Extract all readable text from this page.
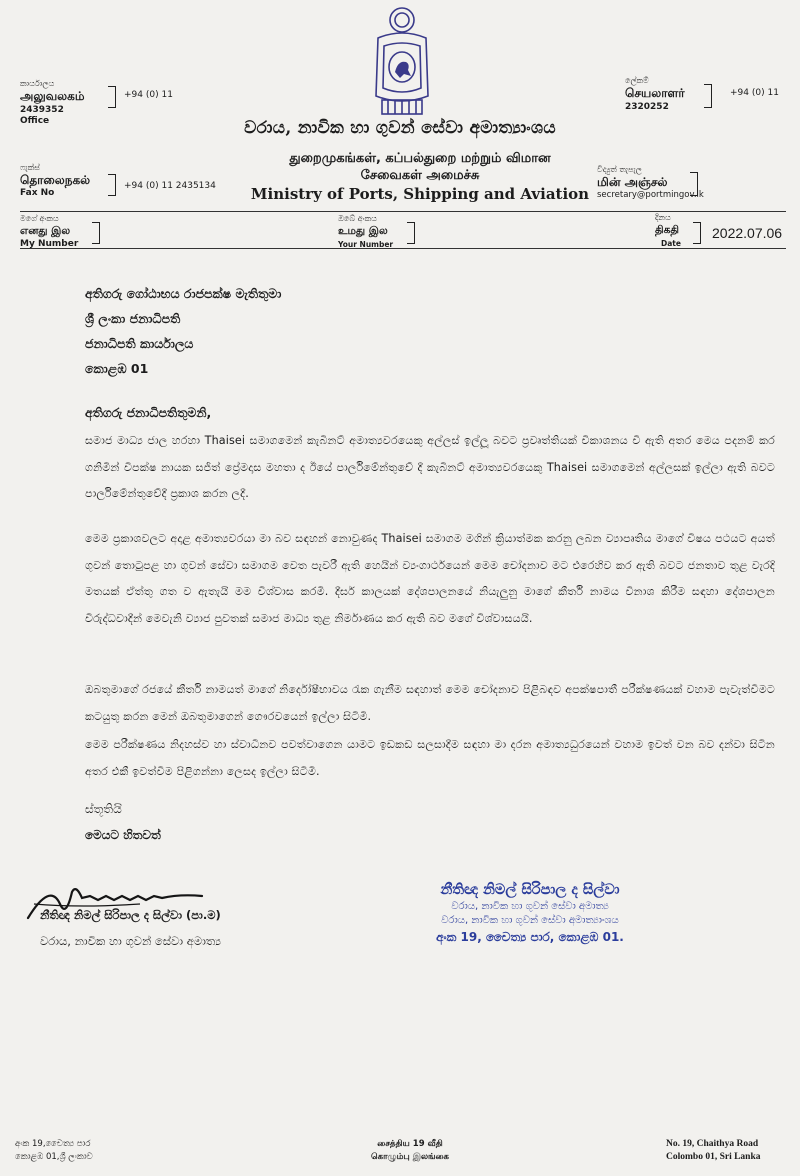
කාර්යාලය
அலுவலகம்
2439352
Office
+94 (0) 11
ලේකම්
செயலாளர்
2320252
+94 (0) 11
ෆැක්ස්
தொலைநகல்
Fax No
+94 (0) 11 2435134
විද්‍යුත් තැපැල
மின் அஞ்சல்
secretary@portmingov.lk
වරාය, නාවික හා ගුවන් සේවා අමාත්‍යාංශය
துறைமுகங்கள், கப்பல்துறை மற்றும் விமான
சேவைகள் அமைச்சு
Ministry of Ports, Shipping and Aviation
මගේ අංකය
எனது இல
My Number
ඔබේ අංකය
உமது இல
Your Number
දිනය
திகதி
Date
2022.07.06
අතිගරු ගෝඨාභය රාජපක්ෂ මැතිතුමා
ශ්‍රී ලංකා ජනාධිපති
ජනාධිපති කාර්යාලය
කොළඹ 01
අතිගරු ජනාධිපතිතුමනි,

සමාජ මාධ්‍ය ජාල හරහා Thaisei සමාගමෙන් කැබිනට් අමාත්‍යවරයෙකු අල්ලස් ඉල්ලූ බවට ප්‍රවෘත්තියක් විකාශනය වී ඇති අතර මෙය පදනම් කර ගනිමින් විපක්ෂ නායක සජිත් ප්‍රේමදාස මහතා ද ඊයේ පාර්ලිමේන්තුවේ දී කැබිනට් අමාත්‍යවරයෙකු Thaisei සමාගමෙන් අල්ලසක් ඉල්ලා ඇති බවට පාර්ලිමේන්තුවේදී ප්‍රකාශ කරන ලදී.

මෙම ප්‍රකාශවලට අදාළ අමාත්‍යවරයා මා බව සඳහන් නොවුණද Thaisei සමාගම මගින් ක්‍රියාත්මක කරනු ලබන ව්‍යාපෘතිය මාගේ විෂය පථයට අයත් ගුවන් තොටුපළ හා ගුවන් සේවා සමාගම වෙත පැවරී ඇති හෙයින් ව්‍යංගාර්ථයෙන් මෙම චෝදනාව මට එරෙහිව කර ඇති බවට ජනතාව තුළ වැරදි මතයක් ඒත්තු ගත ව ඇතැයි මම විශ්වාස කරමි. දීර්ඝ කාලයක් දේශපාලනයේ නියැලුනු මාගේ කීර්ති නාමය විනාශ කිරීම සඳහා දේශපාලන විරුද්ධවාදීන් මෙවැනි ව්‍යාජ පුවතක් සමාජ මාධ්‍ය තුළ නිර්මාණය කර ඇති බව මගේ විශ්වාසයයි.

ඔබතුමාගේ රජයේ කීර්ති නාමයත් මාගේ නිර්දෝෂීභාවය රැක ගැනීම සඳහාත් මෙම චෝදනාව පිළිබඳව අපක්ෂපාතී පරීක්ෂණයක් වහාම පැවැත්වීමට කටයුතු කරන මෙන් ඔබතුමාගෙන් ගෞරවයෙන් ඉල්ලා සිටිමි.

මෙම පරීක්ෂණය නිදහස්ව හා ස්වාධීනව පවත්වාගෙන යාමට ඉඩකඩ සලසාදීම සඳහා මා දරන අමාත්‍යධුරයෙන් වහාම ඉවත් වන බව දන්වා සිටින අතර එකී ඉවත්වීම පිළිගන්නා ලෙසද ඉල්ලා සිටිමි.

ස්තූතියි
මෙයට හිතවත්
නීතිඥ නිමල් සිරිපාල ද සිල්වා (පා.ම)
වරාය, නාවික හා ගුවන් සේවා අමාත්‍ය
නීතිඥ නිමල් සිරිපාල ද සිල්වා
වරාය, නාවික හා ගුවන් සේවා අමාත්‍ය
වරාය, නාවික හා ගුවන් සේවා අමාත්‍යාංශය
අංක 19, චෛත්‍ය පාර, කොළඹ 01.
අංක 19,චෛත්‍ය පාර
කොළඹ 01,ශ්‍රී ලංකාව
சைத்திய 19 வீதி
கொழும்பு இலங்கை
No. 19, Chaithya Road
Colombo 01, Sri Lanka
